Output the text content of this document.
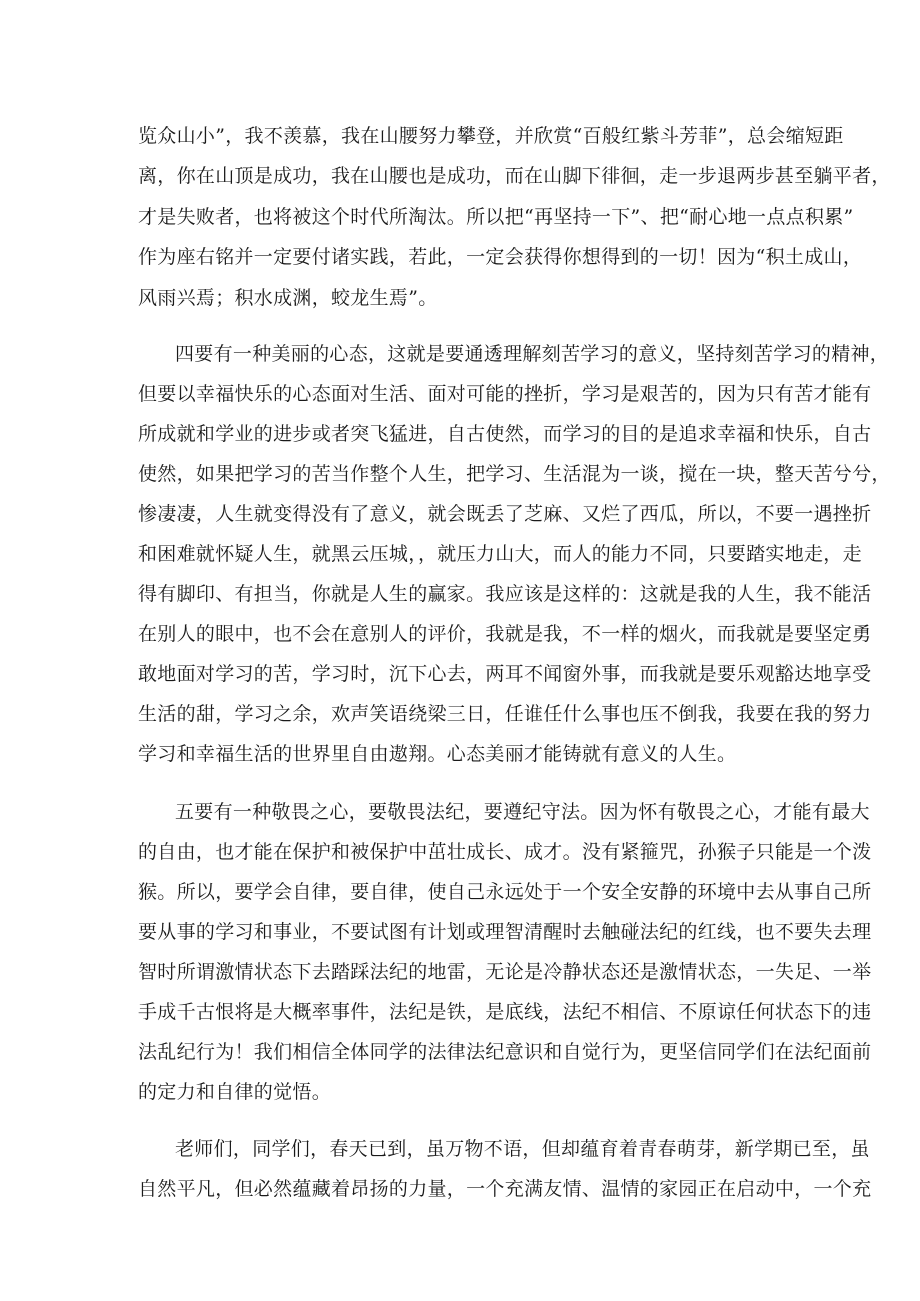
览众山小”，我不羡慕，我在山腰努力攀登，并欣赏“百般红紫斗芳菲”，总会缩短距
离，你在山顶是成功，我在山腰也是成功，而在山脚下徘徊，走一步退两步甚至躺平者，
才是失败者，也将被这个时代所淘汰。所以把“再坚持一下”、把“耐心地一点点积累”
作为座右铭并一定要付诸实践，若此，一定会获得你想得到的一切！因为“积土成山，
风雨兴焉；积水成渊，蛟龙生焉”。
四要有一种美丽的心态，这就是要通透理解刻苦学习的意义，坚持刻苦学习的精神，
但要以幸福快乐的心态面对生活、面对可能的挫折，学习是艰苦的，因为只有苦才能有
所成就和学业的进步或者突飞猛进，自古使然，而学习的目的是追求幸福和快乐，自古
使然，如果把学习的苦当作整个人生，把学习、生活混为一谈，搅在一块，整天苦兮兮，
惨凄凄，人生就变得没有了意义，就会既丢了芝麻、又烂了西瓜，所以，不要一遇挫折
和困难就怀疑人生，就黑云压城，，就压力山大，而人的能力不同，只要踏实地走，走
得有脚印、有担当，你就是人生的赢家。我应该是这样的：这就是我的人生，我不能活
在别人的眼中，也不会在意别人的评价，我就是我，不一样的烟火，而我就是要坚定勇
敢地面对学习的苦，学习时，沉下心去，两耳不闻窗外事，而我就是要乐观豁达地享受
生活的甜，学习之余，欢声笑语绕梁三日，任谁任什么事也压不倒我，我要在我的努力
学习和幸福生活的世界里自由遨翔。心态美丽才能铸就有意义的人生。
五要有一种敬畏之心，要敬畏法纪，要遵纪守法。因为怀有敬畏之心，才能有最大
的自由，也才能在保护和被保护中茁壮成长、成才。没有紧箍咒，孙猴子只能是一个泼
猴。所以，要学会自律，要自律，使自己永远处于一个安全安静的环境中去从事自己所
要从事的学习和事业，不要试图有计划或理智清醒时去触碰法纪的红线，也不要失去理
智时所谓激情状态下去踏踩法纪的地雷，无论是冷静状态还是激情状态，一失足、一举
手成千古恨将是大概率事件，法纪是铁，是底线，法纪不相信、不原谅任何状态下的违
法乱纪行为！我们相信全体同学的法律法纪意识和自觉行为，更坚信同学们在法纪面前
的定力和自律的觉悟。
老师们，同学们，春天已到，虽万物不语，但却蕴育着青春萌芽，新学期已至，虽
自然平凡，但必然蕴藏着昂扬的力量，一个充满友情、温情的家园正在启动中，一个充
